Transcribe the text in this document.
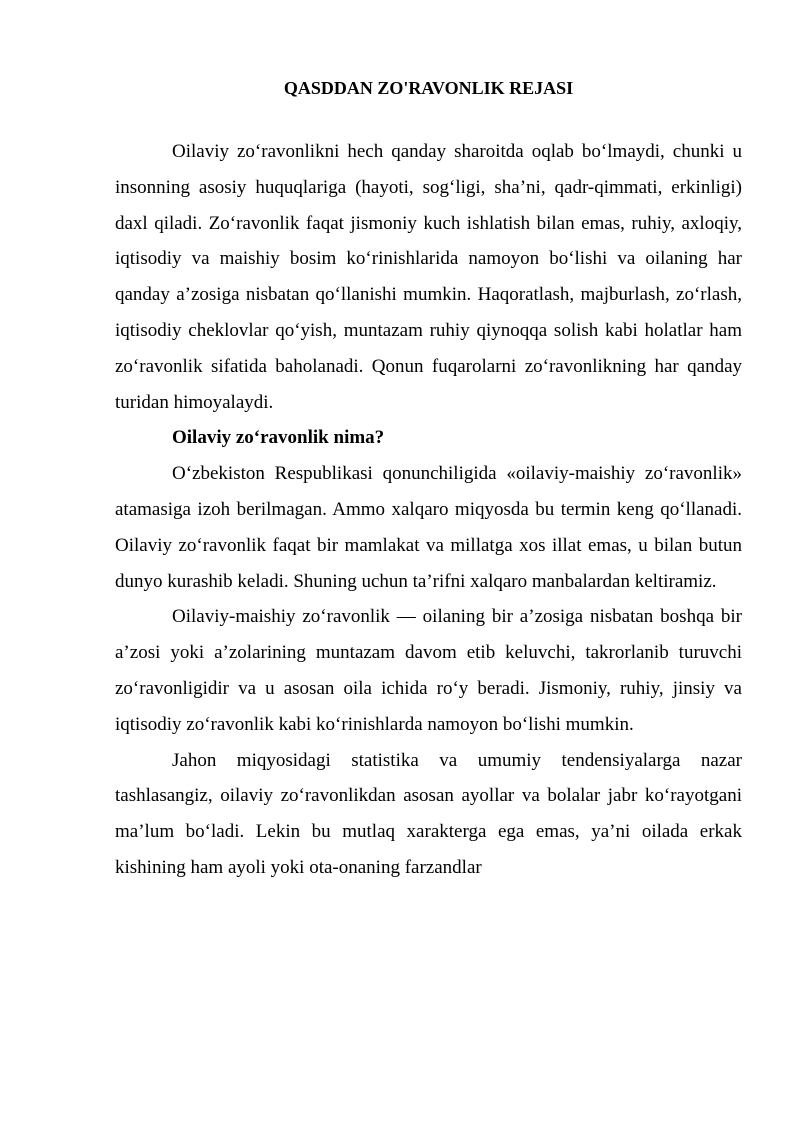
QASDDAN ZO'RAVONLIK REJASI

Oilaviy zo‘ravonlikni hech qanday sharoitda oqlab bo‘lmaydi, chunki u insonning asosiy huquqlariga (hayoti, sog‘ligi, sha’ni, qadr-qimmati, erkinligi) daxl qiladi. Zo‘ravonlik faqat jismoniy kuch ishlatish bilan emas, ruhiy, axloqiy, iqtisodiy va maishiy bosim ko‘rinishlarida namoyon bo‘lishi va oilaning har qanday a’zosiga nisbatan qo‘llanishi mumkin. Haqoratlash, majburlash, zo‘rlash, iqtisodiy cheklovlar qo‘yish, muntazam ruhiy qiynoqqa solish kabi holatlar ham zo‘ravonlik sifatida baholanadi. Qonun fuqarolarni zo‘ravonlikning har qanday turidan himoyalaydi.

Oilaviy zo‘ravonlik nima?

O‘zbekiston Respublikasi qonunchiligida «oilaviy-maishiy zo‘ravonlik» atamasiga izoh berilmagan. Ammo xalqaro miqyosda bu termin keng qo‘llanadi. Oilaviy zo‘ravonlik faqat bir mamlakat va millatga xos illat emas, u bilan butun dunyo kurashib keladi. Shuning uchun ta’rifni xalqaro manbalardan keltiramiz.

Oilaviy-maishiy zo‘ravonlik — oilaning bir a’zosiga nisbatan boshqa bir a’zosi yoki a’zolarining muntazam davom etib keluvchi, takrorlanib turuvchi zo‘ravonligidir va u asosan oila ichida ro‘y beradi. Jismoniy, ruhiy, jinsiy va iqtisodiy zo‘ravonlik kabi ko‘rinishlarda namoyon bo‘lishi mumkin.

Jahon miqyosidagi statistika va umumiy tendensiyalarga nazar tashlasangiz, oilaviy zo‘ravonlikdan asosan ayollar va bolalar jabr ko‘rayotgani ma’lum bo‘ladi. Lekin bu mutlaq xarakterga ega emas, ya’ni oilada erkak kishining ham ayoli yoki ota-onaning farzandlar
